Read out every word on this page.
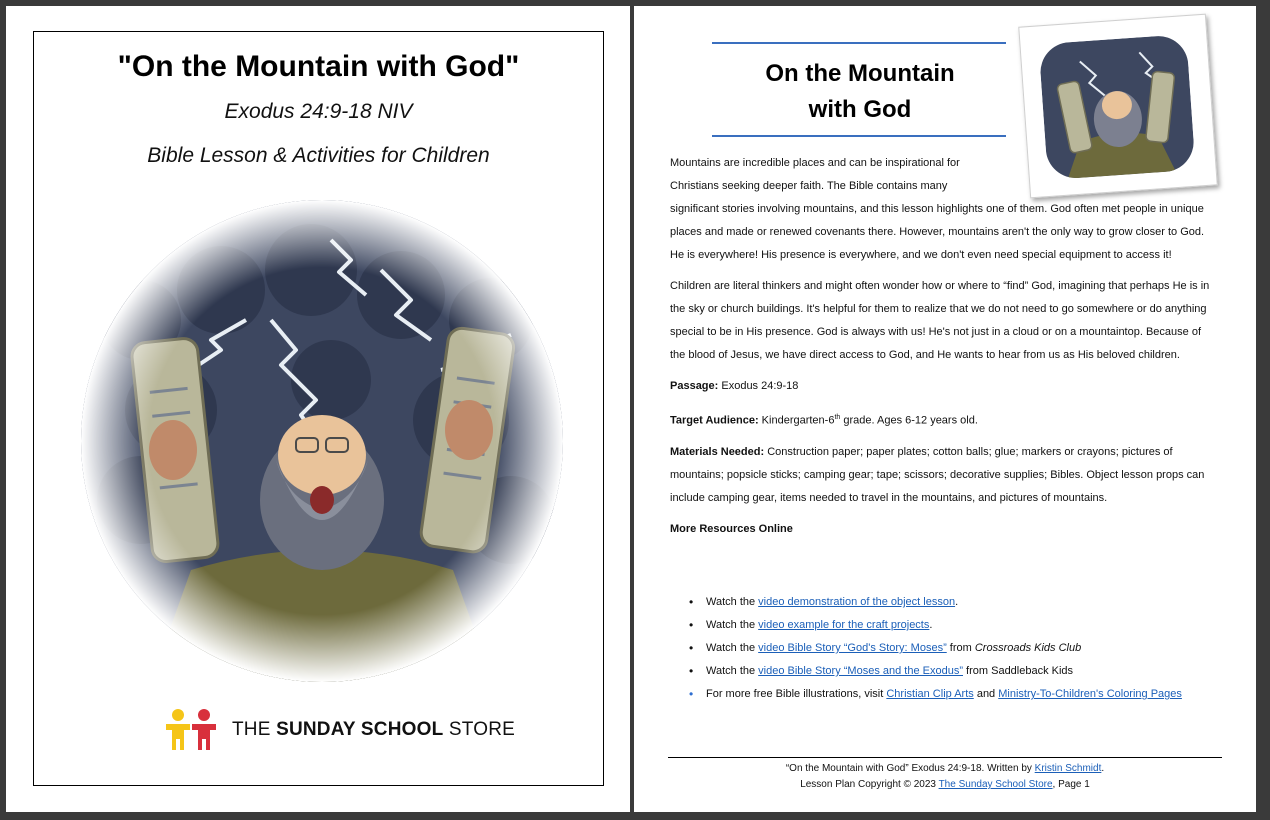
"On the Mountain with God"
Exodus 24:9-18 NIV
Bible Lesson & Activities for Children
THE SUNDAY SCHOOL STORE
On the Mountain
with God

Mountains are incredible places and can be inspirational for

Christians seeking deeper faith. The Bible contains many

significant stories involving mountains, and this lesson highlights one of them. God often met people in unique places and made or renewed covenants there. However, mountains aren't the only way to grow closer to God. He is everywhere! His presence is everywhere, and we don't even need special equipment to access it!

Children are literal thinkers and might often wonder how or where to “find” God, imagining that perhaps He is in the sky or church buildings. It's helpful for them to realize that we do not need to go somewhere or do anything special to be in His presence. God is always with us! He's not just in a cloud or on a mountaintop. Because of the blood of Jesus, we have direct access to God, and He wants to hear from us as His beloved children.

Passage: Exodus 24:9-18

Target Audience: Kindergarten-6th grade. Ages 6-12 years old.

Materials Needed: Construction paper; paper plates; cotton balls; glue; markers or crayons; pictures of mountains; popsicle sticks; camping gear; tape; scissors; decorative supplies; Bibles. Object lesson props can include camping gear, items needed to travel in the mountains, and pictures of mountains.

More Resources Online

• Watch the video demonstration of the object lesson.
• Watch the video example for the craft projects.
• Watch the video Bible Story “God's Story: Moses” from Crossroads Kids Club
• Watch the video Bible Story “Moses and the Exodus” from Saddleback Kids
• For more free Bible illustrations, visit Christian Clip Arts and Ministry-To-Children's Coloring Pages
“On the Mountain with God” Exodus 24:9-18. Written by Kristin Schmidt.
Lesson Plan Copyright © 2023 The Sunday School Store, Page 1
